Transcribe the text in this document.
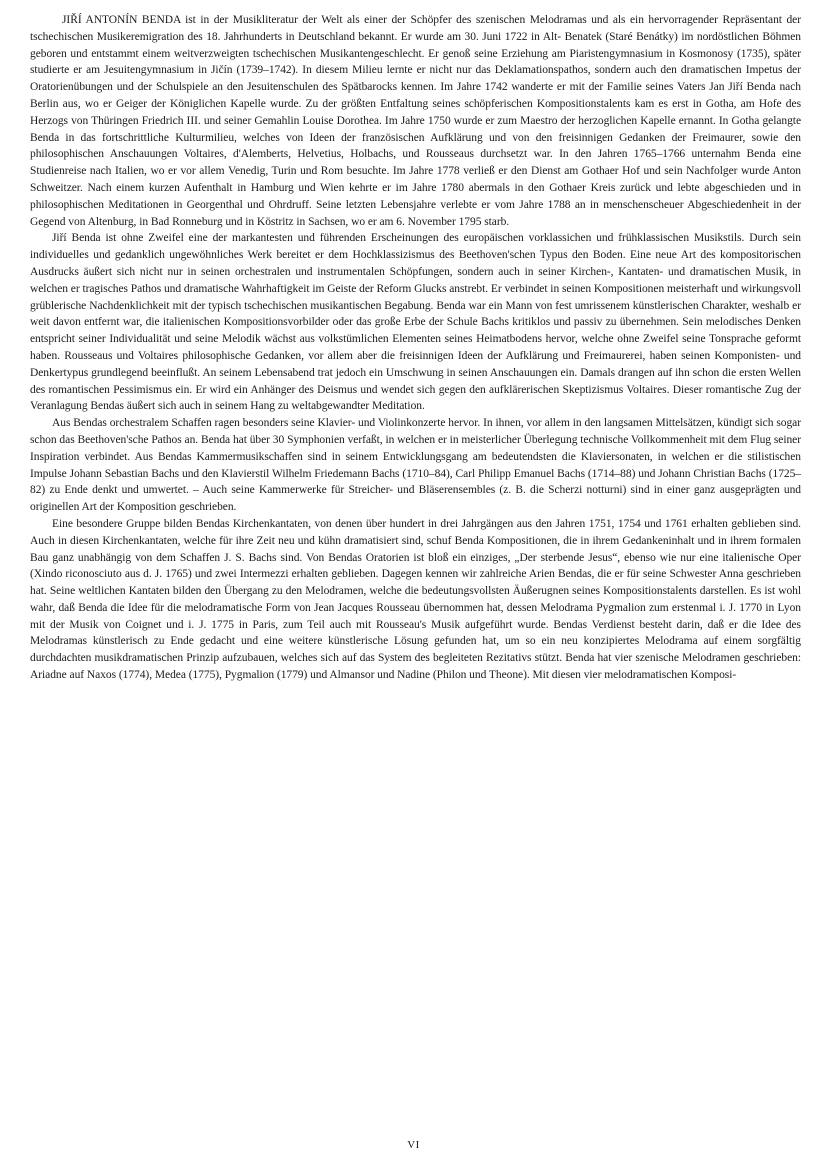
JIŘÍ ANTONÍN BENDA ist in der Musikliteratur der Welt als einer der Schöpfer des szenischen Melodramas und als ein hervorragender Repräsentant der tschechischen Musikeremigration des 18. Jahrhunderts in Deutschland bekannt. Er wurde am 30. Juni 1722 in Alt- Benatek (Staré Benátky) im nordöstlichen Böhmen geboren und entstammt einem weitverzweigten tschechischen Musikantengeschlecht. Er genoß seine Erziehung am Piaristengymnasium in Kosmonosy (1735), später studierte er am Jesuitengymnasium in Jičín (1739–1742). In diesem Milieu lernte er nicht nur das Deklamationspathos, sondern auch den dramatischen Impetus der Oratorienübungen und der Schulspiele an den Jesuitenschulen des Spätbarocks kennen. Im Jahre 1742 wanderte er mit der Familie seines Vaters Jan Jiří Benda nach Berlin aus, wo er Geiger der Königlichen Kapelle wurde. Zu der größten Entfaltung seines schöpferischen Kompositionstalents kam es erst in Gotha, am Hofe des Herzogs von Thüringen Friedrich III. und seiner Gemahlin Louise Dorothea. Im Jahre 1750 wurde er zum Maestro der herzoglichen Kapelle ernannt. In Gotha gelangte Benda in das fortschrittliche Kulturmilieu, welches von Ideen der französischen Aufklärung und von den freisinnigen Gedanken der Freimaurer, sowie den philosophischen Anschauungen Voltaires, d'Alemberts, Helvetius, Holbachs, und Rousseaus durchsetzt war. In den Jahren 1765–1766 unternahm Benda eine Studienreise nach Italien, wo er vor allem Venedig, Turin und Rom besuchte. Im Jahre 1778 verließ er den Dienst am Gothaer Hof und sein Nachfolger wurde Anton Schweitzer. Nach einem kurzen Aufenthalt in Hamburg und Wien kehrte er im Jahre 1780 abermals in den Gothaer Kreis zurück und lebte abgeschieden und in philosophischen Meditationen in Georgenthal und Ohrdruff. Seine letzten Lebensjahre verlebte er vom Jahre 1788 an in menschenscheuer Abgeschiedenheit in der Gegend von Altenburg, in Bad Ronneburg und in Köstritz in Sachsen, wo er am 6. November 1795 starb.

Jiří Benda ist ohne Zweifel eine der markantesten und führenden Erscheinungen des europäischen vorklassichen und frühklassischen Musikstils. Durch sein individuelles und gedanklich ungewöhnliches Werk bereitet er dem Hochklassizismus des Beethoven'schen Typus den Boden. Eine neue Art des kompositorischen Ausdrucks äußert sich nicht nur in seinen orchestralen und instrumentalen Schöpfungen, sondern auch in seiner Kirchen-, Kantaten- und dramatischen Musik, in welchen er tragisches Pathos und dramatische Wahrhaftigkeit im Geiste der Reform Glucks anstrebt. Er verbindet in seinen Kompositionen meisterhaft und wirkungsvoll grüblerische Nachdenklichkeit mit der typisch tschechischen musikantischen Begabung. Benda war ein Mann von fest umrissenem künstlerischen Charakter, weshalb er weit davon entfernt war, die italienischen Kompositionsvorbilder oder das große Erbe der Schule Bachs kritiklos und passiv zu übernehmen. Sein melodisches Denken entspricht seiner Individualität und seine Melodik wächst aus volkstümlichen Elementen seines Heimatbodens hervor, welche ohne Zweifel seine Tonsprache geformt haben. Rousseaus und Voltaires philosophische Gedanken, vor allem aber die freisinnigen Ideen der Aufklärung und Freimaurerei, haben seinen Komponisten- und Denkertypus grundlegend beeinflußt. An seinem Lebensabend trat jedoch ein Umschwung in seinen Anschauungen ein. Damals drangen auf ihn schon die ersten Wellen des romantischen Pessimismus ein. Er wird ein Anhänger des Deismus und wendet sich gegen den aufklärerischen Skeptizismus Voltaires. Dieser romantische Zug der Veranlagung Bendas äußert sich auch in seinem Hang zu weltabgewandter Meditation.

Aus Bendas orchestralem Schaffen ragen besonders seine Klavier- und Violinkonzerte hervor. In ihnen, vor allem in den langsamen Mittelsätzen, kündigt sich sogar schon das Beethoven'sche Pathos an. Benda hat über 30 Symphonien verfaßt, in welchen er in meisterlicher Überlegung technische Vollkommenheit mit dem Flug seiner Inspiration verbindet. Aus Bendas Kammermusikschaffen sind in seinem Entwicklungsgang am bedeutendsten die Klaviersonaten, in welchen er die stilistischen Impulse Johann Sebastian Bachs und den Klavierstil Wilhelm Friedemann Bachs (1710–84), Carl Philipp Emanuel Bachs (1714–88) und Johann Christian Bachs (1725–82) zu Ende denkt und umwertet. – Auch seine Kammerwerke für Streicher- und Bläserensembles (z. B. die Scherzi notturni) sind in einer ganz ausgeprägten und originellen Art der Komposition geschrieben.

Eine besondere Gruppe bilden Bendas Kirchenkantaten, von denen über hundert in drei Jahrgängen aus den Jahren 1751, 1754 und 1761 erhalten geblieben sind. Auch in diesen Kirchenkantaten, welche für ihre Zeit neu und kühn dramatisiert sind, schuf Benda Kompositionen, die in ihrem Gedankeninhalt und in ihrem formalen Bau ganz unabhängig von dem Schaffen J. S. Bachs sind. Von Bendas Oratorien ist bloß ein einziges, „Der sterbende Jesus“, ebenso wie nur eine italienische Oper (Xindo riconosciuto aus d. J. 1765) und zwei Intermezzi erhalten geblieben. Dagegen kennen wir zahlreiche Arien Bendas, die er für seine Schwester Anna geschrieben hat. Seine weltlichen Kantaten bilden den Übergang zu den Melodramen, welche die bedeutungsvollsten Äußerugnen seines Kompositionstalents darstellen. Es ist wohl wahr, daß Benda die Idee für die melodramatische Form von Jean Jacques Rousseau übernommen hat, dessen Melodrama Pygmalion zum erstenmal i. J. 1770 in Lyon mit der Musik von Coignet und i. J. 1775 in Paris, zum Teil auch mit Rousseau's Musik aufgeführt wurde. Bendas Verdienst besteht darin, daß er die Idee des Melodramas künstlerisch zu Ende gedacht und eine weitere künstlerische Lösung gefunden hat, um so ein neu konzipiertes Melodrama auf einem sorgfältig durchdachten musikdramatischen Prinzip aufzubauen, welches sich auf das System des begleiteten Rezitativs stützt. Benda hat vier szenische Melodramen geschrieben: Ariadne auf Naxos (1774), Medea (1775), Pygmalion (1779) und Almansor und Nadine (Philon und Theone). Mit diesen vier melodramatischen Komposi-

VI
